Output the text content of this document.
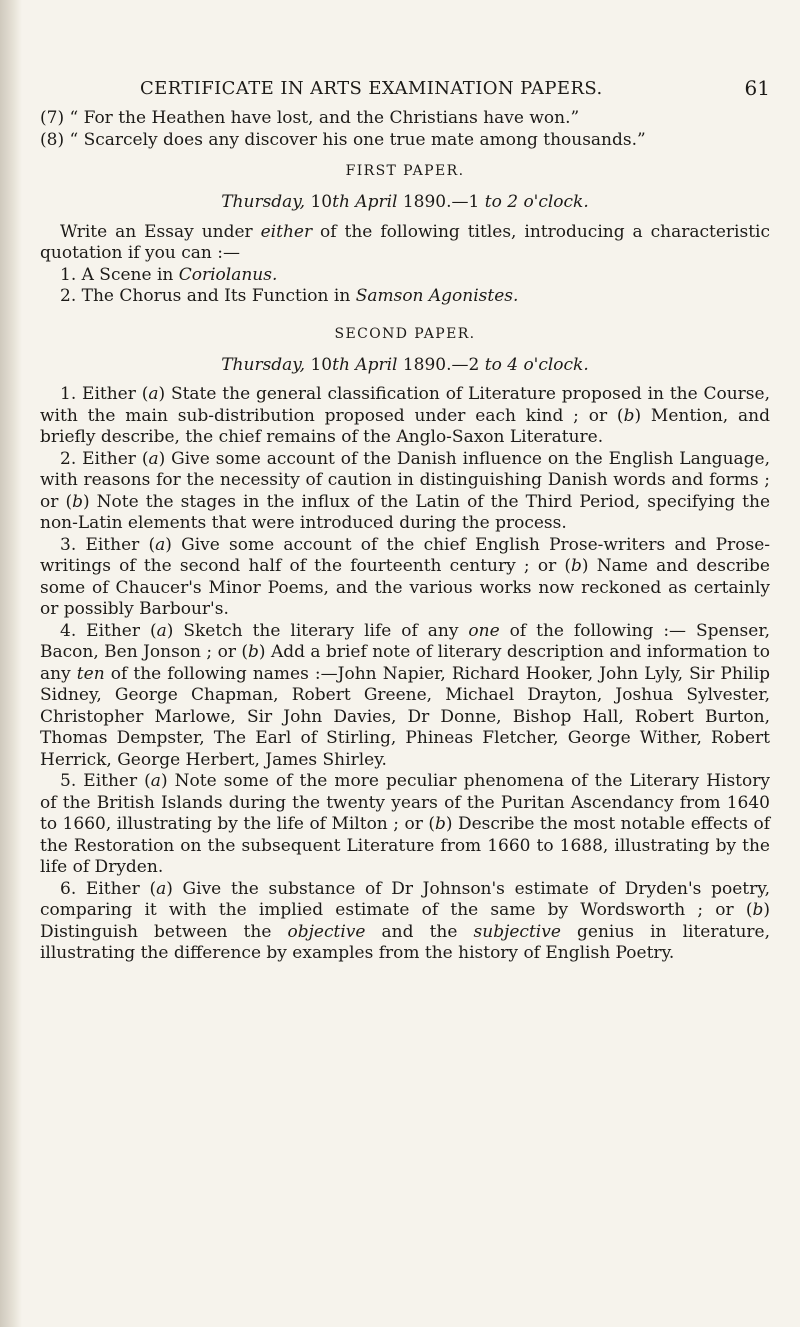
CERTIFICATE IN ARTS EXAMINATION PAPERS.	61

(7) “ For the Heathen have lost, and the Christians have won.”

(8) “ Scarcely does any discover his one true mate among thousands.”

FIRST PAPER.

Thursday, 10th April 1890.—1 to 2 o'clock.

Write an Essay under either of the following titles, introducing a characteristic quotation if you can :—

1. A Scene in Coriolanus.

2. The Chorus and Its Function in Samson Agonistes.

SECOND PAPER.

Thursday, 10th April 1890.—2 to 4 o'clock.

1. Either (a) State the general classification of Literature proposed in the Course, with the main sub-distribution proposed under each kind ; or (b) Mention, and briefly describe, the chief remains of the Anglo-Saxon Literature.

2. Either (a) Give some account of the Danish influence on the English Language, with reasons for the necessity of caution in distinguishing Danish words and forms ; or (b) Note the stages in the influx of the Latin of the Third Period, specifying the non-Latin elements that were introduced during the process.

3. Either (a) Give some account of the chief English Prose-writers and Prose-writings of the second half of the fourteenth century ; or (b) Name and describe some of Chaucer's Minor Poems, and the various works now reckoned as certainly or possibly Barbour's.

4. Either (a) Sketch the literary life of any one of the following :— Spenser, Bacon, Ben Jonson ; or (b) Add a brief note of literary description and information to any ten of the following names :—John Napier, Richard Hooker, John Lyly, Sir Philip Sidney, George Chapman, Robert Greene, Michael Drayton, Joshua Sylvester, Christopher Marlowe, Sir John Davies, Dr Donne, Bishop Hall, Robert Burton, Thomas Dempster, The Earl of Stirling, Phineas Fletcher, George Wither, Robert Herrick, George Herbert, James Shirley.

5. Either (a) Note some of the more peculiar phenomena of the Literary History of the British Islands during the twenty years of the Puritan Ascendancy from 1640 to 1660, illustrating by the life of Milton ; or (b) Describe the most notable effects of the Restoration on the subsequent Literature from 1660 to 1688, illustrating by the life of Dryden.

6. Either (a) Give the substance of Dr Johnson's estimate of Dryden's poetry, comparing it with the implied estimate of the same by Wordsworth ; or (b) Distinguish between the objective and the subjective genius in literature, illustrating the difference by examples from the history of English Poetry.
